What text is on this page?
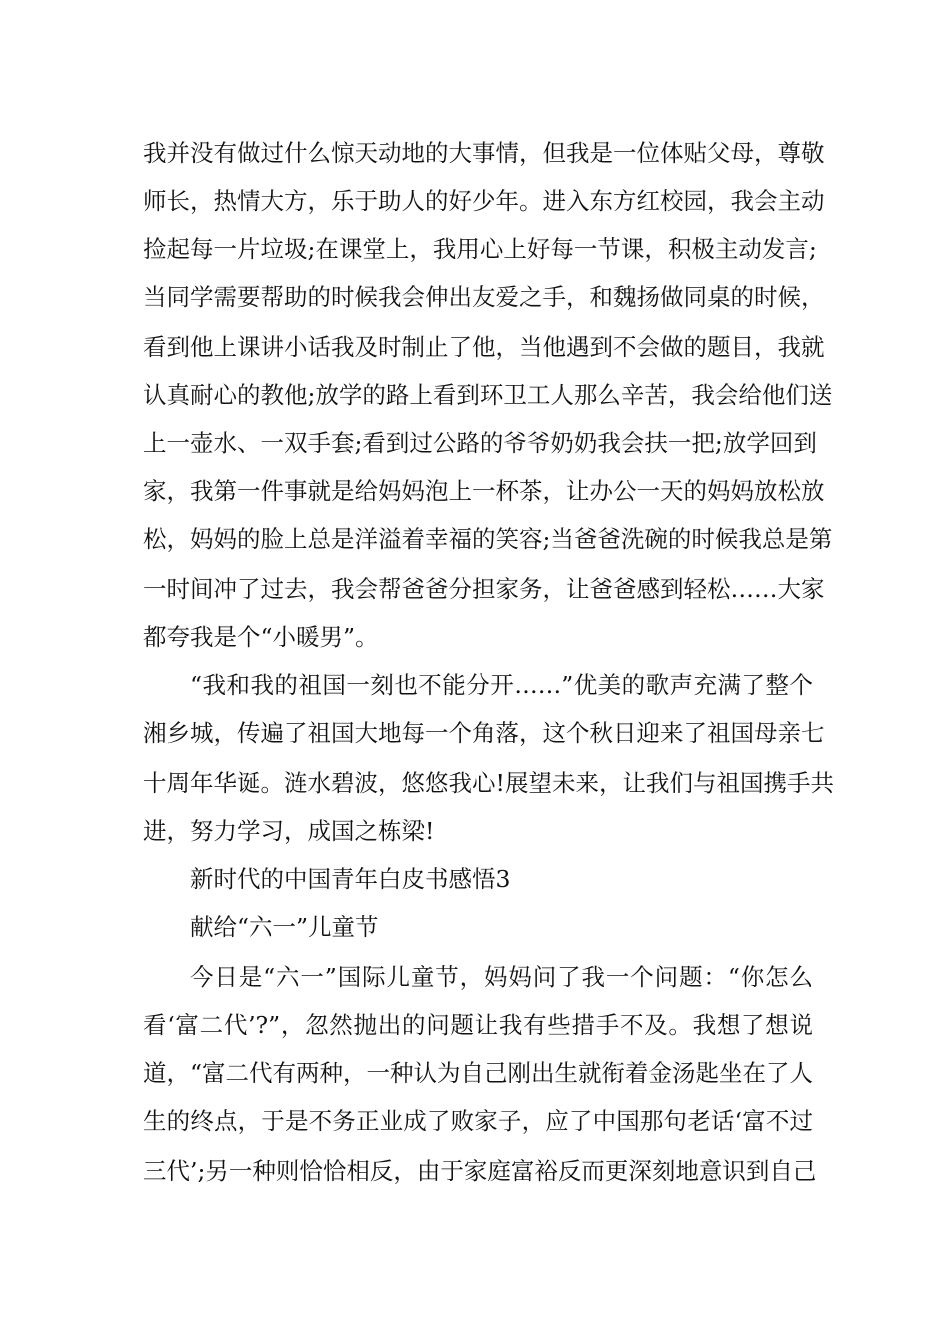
我并没有做过什么惊天动地的大事情，但我是一位体贴父母，尊敬
师长，热情大方，乐于助人的好少年。进入东方红校园，我会主动
捡起每一片垃圾;在课堂上，我用心上好每一节课，积极主动发言;
当同学需要帮助的时候我会伸出友爱之手，和魏扬做同桌的时候，
看到他上课讲小话我及时制止了他，当他遇到不会做的题目，我就
认真耐心的教他;放学的路上看到环卫工人那么辛苦，我会给他们送
上一壶水、一双手套;看到过公路的爷爷奶奶我会扶一把;放学回到
家，我第一件事就是给妈妈泡上一杯茶，让办公一天的妈妈放松放
松，妈妈的脸上总是洋溢着幸福的笑容;当爸爸洗碗的时候我总是第
一时间冲了过去，我会帮爸爸分担家务，让爸爸感到轻松……大家
都夸我是个“小暖男”。
“我和我的祖国一刻也不能分开……”优美的歌声充满了整个
湘乡城，传遍了祖国大地每一个角落，这个秋日迎来了祖国母亲七
十周年华诞。涟水碧波，悠悠我心!展望未来，让我们与祖国携手共
进，努力学习，成国之栋梁!
新时代的中国青年白皮书感悟3
献给“六一”儿童节
今日是“六一”国际儿童节，妈妈问了我一个问题：“你怎么
看‘富二代’?”，忽然抛出的问题让我有些措手不及。我想了想说
道，“富二代有两种，一种认为自己刚出生就衔着金汤匙坐在了人
生的终点，于是不务正业成了败家子，应了中国那句老话‘富不过
三代’;另一种则恰恰相反，由于家庭富裕反而更深刻地意识到自己
